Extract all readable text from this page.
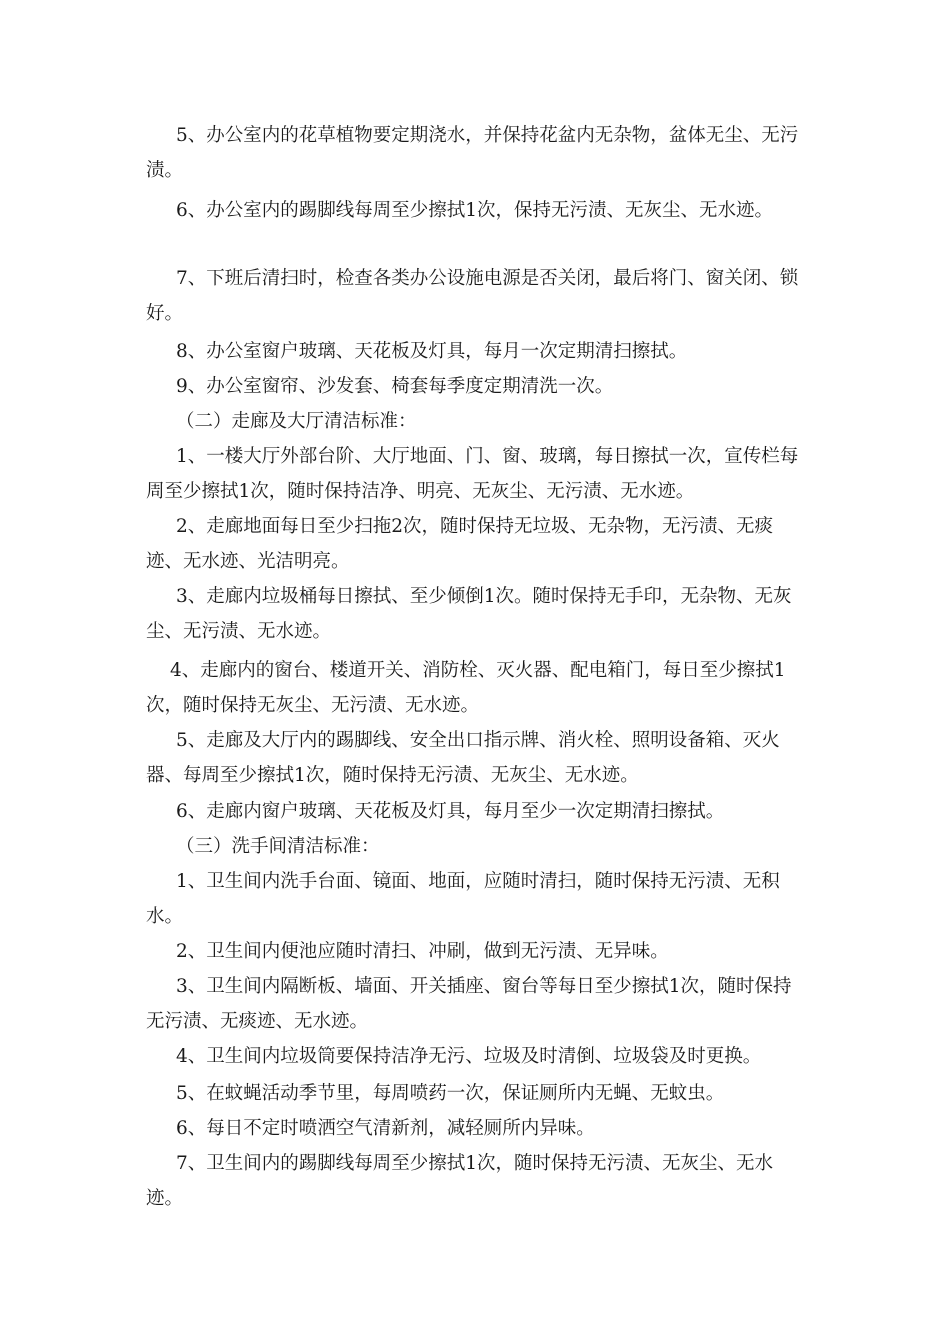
5、办公室内的花草植物要定期浇水，并保持花盆内无杂物，盆体无尘、无污渍。

6、办公室内的踢脚线每周至少擦拭1次，保持无污渍、无灰尘、无水迹。

7、下班后清扫时，检查各类办公设施电源是否关闭，最后将门、窗关闭、锁好。

8、办公室窗户玻璃、天花板及灯具，每月一次定期清扫擦拭。

9、办公室窗帘、沙发套、椅套每季度定期清洗一次。

（二）走廊及大厅清洁标准：

1、一楼大厅外部台阶、大厅地面、门、窗、玻璃，每日擦拭一次，宣传栏每周至少擦拭1次，随时保持洁净、明亮、无灰尘、无污渍、无水迹。

2、走廊地面每日至少扫拖2次，随时保持无垃圾、无杂物，无污渍、无痰迹、无水迹、光洁明亮。

3、走廊内垃圾桶每日擦拭、至少倾倒1次。随时保持无手印，无杂物、无灰尘、无污渍、无水迹。

4、走廊内的窗台、楼道开关、消防栓、灭火器、配电箱门，每日至少擦拭1次，随时保持无灰尘、无污渍、无水迹。

5、走廊及大厅内的踢脚线、安全出口指示牌、消火栓、照明设备箱、灭火器、每周至少擦拭1次，随时保持无污渍、无灰尘、无水迹。

6、走廊内窗户玻璃、天花板及灯具，每月至少一次定期清扫擦拭。

（三）洗手间清洁标准：

1、卫生间内洗手台面、镜面、地面，应随时清扫，随时保持无污渍、无积水。

2、卫生间内便池应随时清扫、冲刷，做到无污渍、无异味。

3、卫生间内隔断板、墙面、开关插座、窗台等每日至少擦拭1次，随时保持无污渍、无痰迹、无水迹。

4、卫生间内垃圾筒要保持洁净无污、垃圾及时清倒、垃圾袋及时更换。

5、在蚊蝇活动季节里，每周喷药一次，保证厕所内无蝇、无蚊虫。

6、每日不定时喷洒空气清新剂，减轻厕所内异味。

7、卫生间内的踢脚线每周至少擦拭1次，随时保持无污渍、无灰尘、无水迹。
